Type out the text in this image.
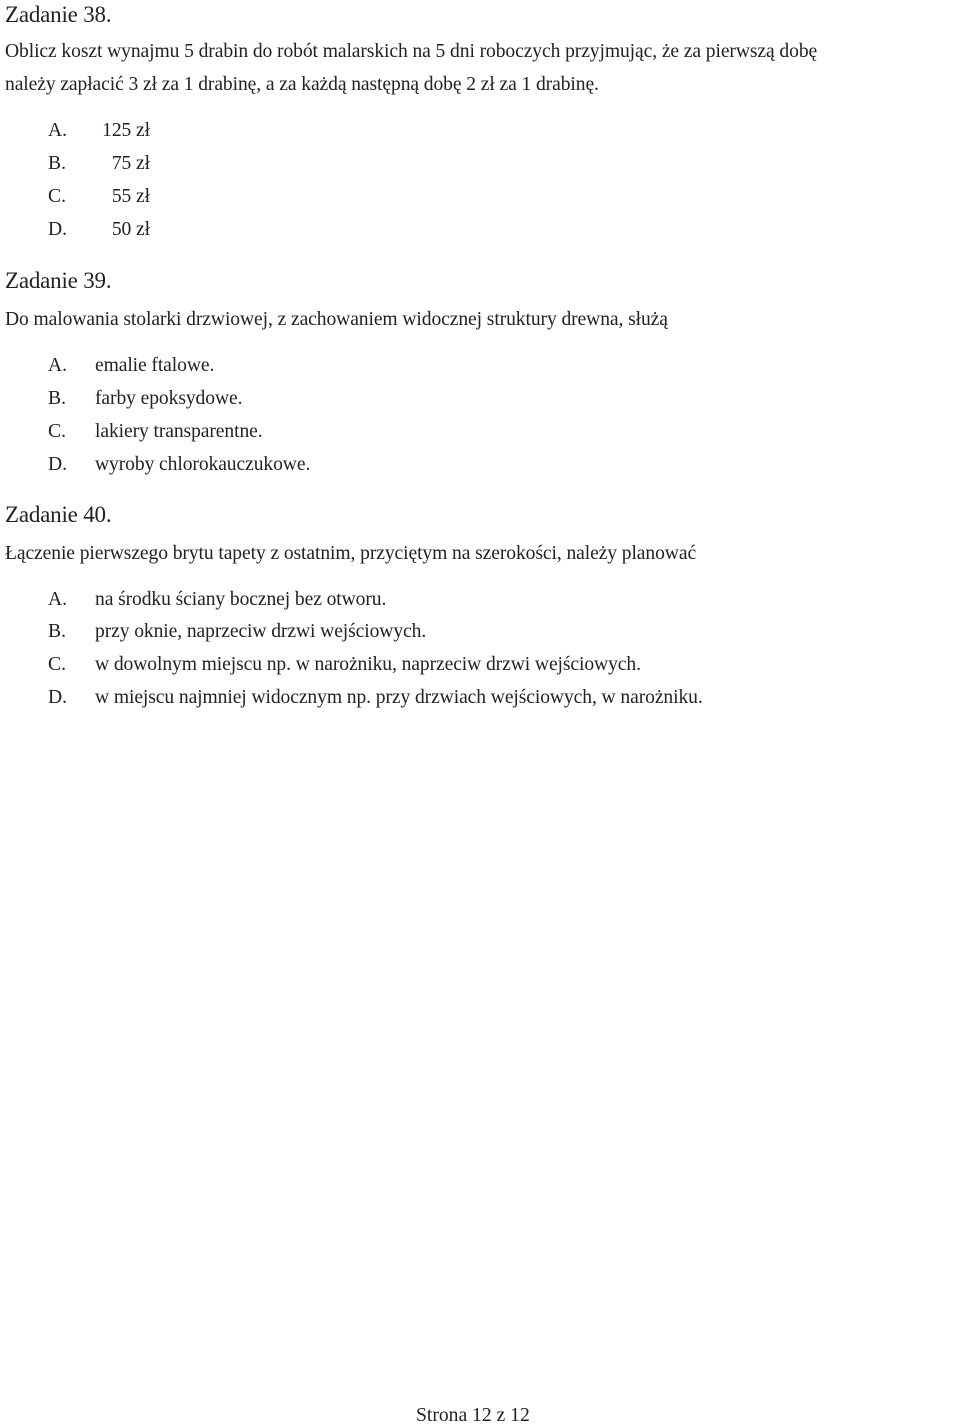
Zadanie 38.
Oblicz koszt wynajmu 5 drabin do robót malarskich na 5 dni roboczych przyjmując, że za pierwszą dobę
należy zapłacić 3 zł za 1 drabinę, a za każdą następną dobę 2 zł za 1 drabinę.
A.	125 zł
B.	75 zł
C.	55 zł
D.	50 zł
Zadanie 39.
Do malowania stolarki drzwiowej, z zachowaniem widocznej struktury drewna, służą
A.	emalie ftalowe.
B.	farby epoksydowe.
C.	lakiery transparentne.
D.	wyroby chlorokauczukowe.
Zadanie 40.
Łączenie pierwszego brytu tapety z ostatnim, przyciętym na szerokości, należy planować
A.	na środku ściany bocznej bez otworu.
B.	przy oknie, naprzeciw drzwi wejściowych.
C.	w dowolnym miejscu np. w narożniku, naprzeciw drzwi wejściowych.
D.	w miejscu najmniej widocznym np. przy drzwiach wejściowych, w narożniku.
Strona 12 z 12
